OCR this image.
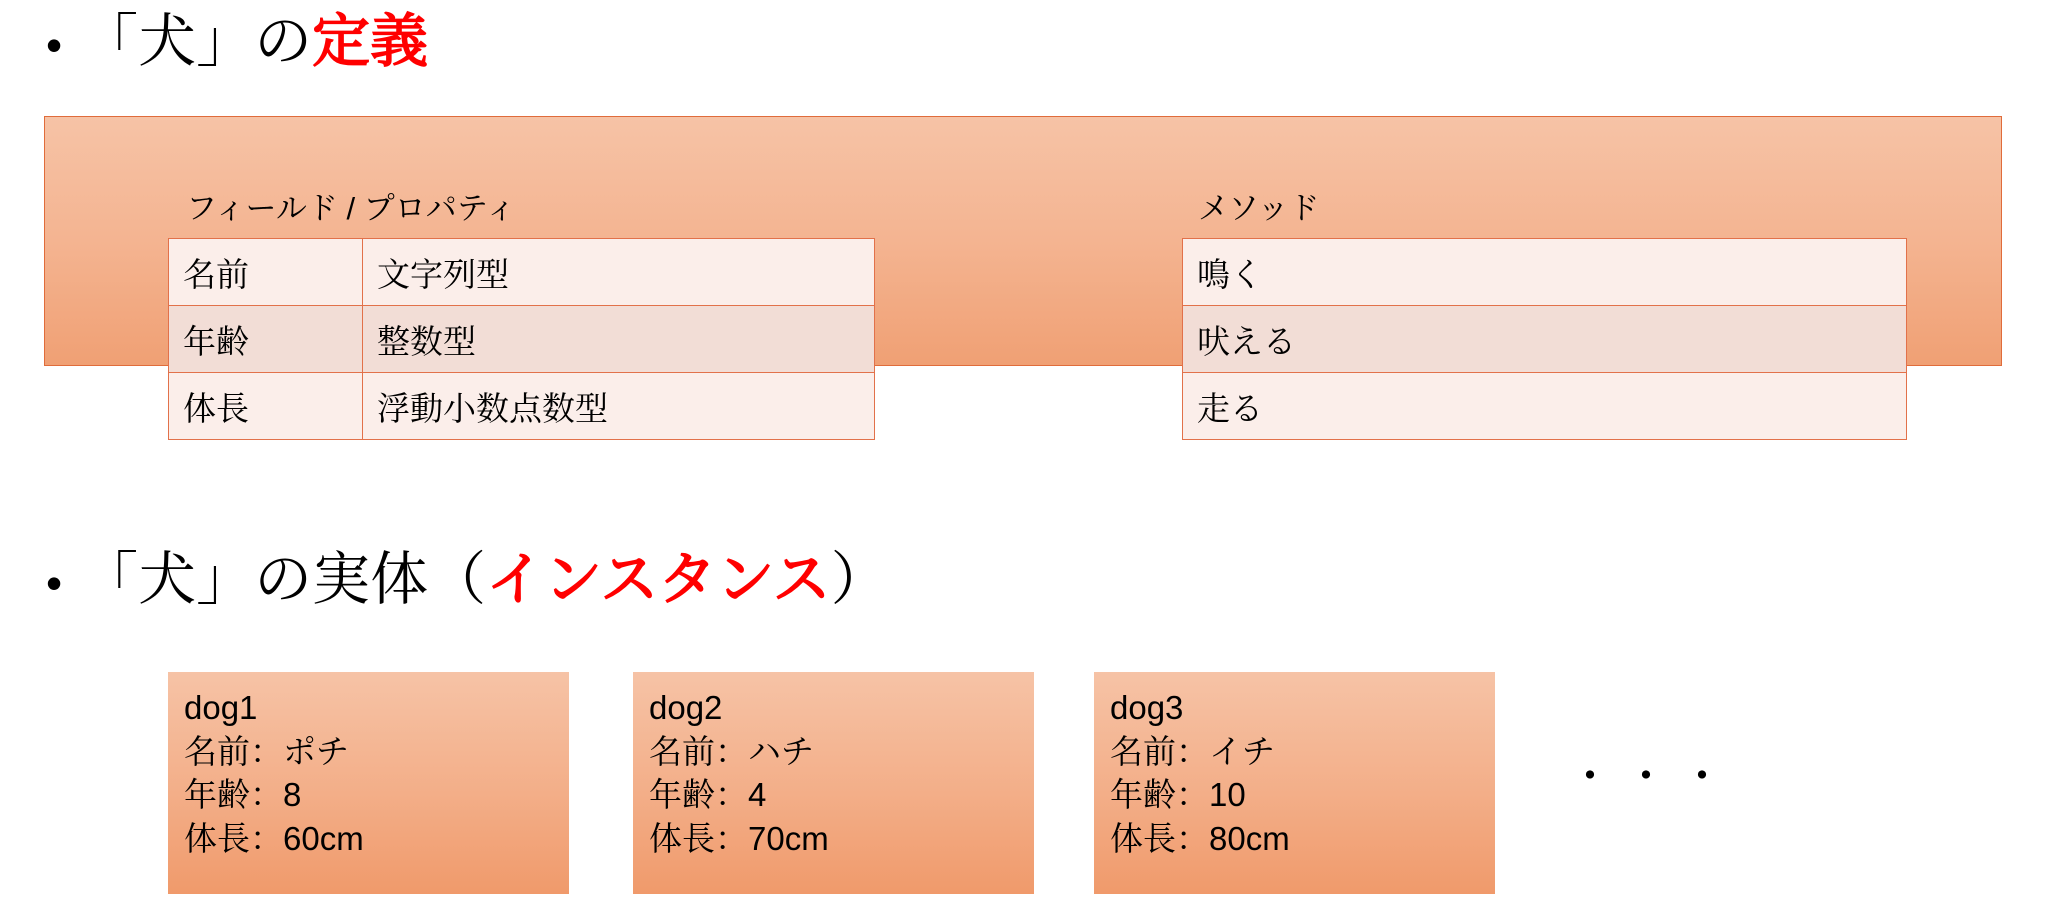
• 「犬」の 定義
フィールド / プロパティ	メソッド
名前	文字列型
年齢	整数型
体長	浮動小数点数型
鳴く
吠える
走る
• 「犬」の実体（ インスタンス ）
dog1
名前：ポチ
年齢：8
体長：60cm
dog2
名前：ハチ
年齢：4
体長：70cm
dog3
名前：イチ
年齢：10
体長：80cm
・・・
